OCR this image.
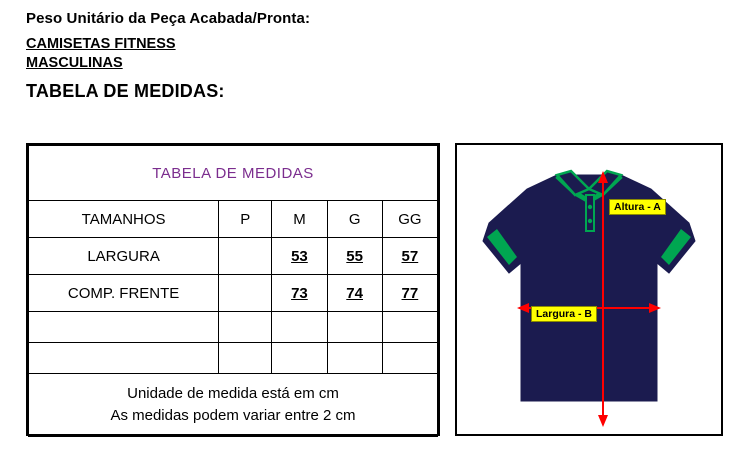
Peso Unitário da Peça Acabada/Pronta:

CAMISETAS FITNESS

MASCULINAS

TABELA DE MEDIDAS:

TABELA DE MEDIDAS				
TAMANHOS	P	M	G	GG
LARGURA		53	55	57
COMP. FRENTE		73	74	77

Unidade de medida está em cm
As medidas podem variar entre 2 cm				
Altura - A
Largura - B
